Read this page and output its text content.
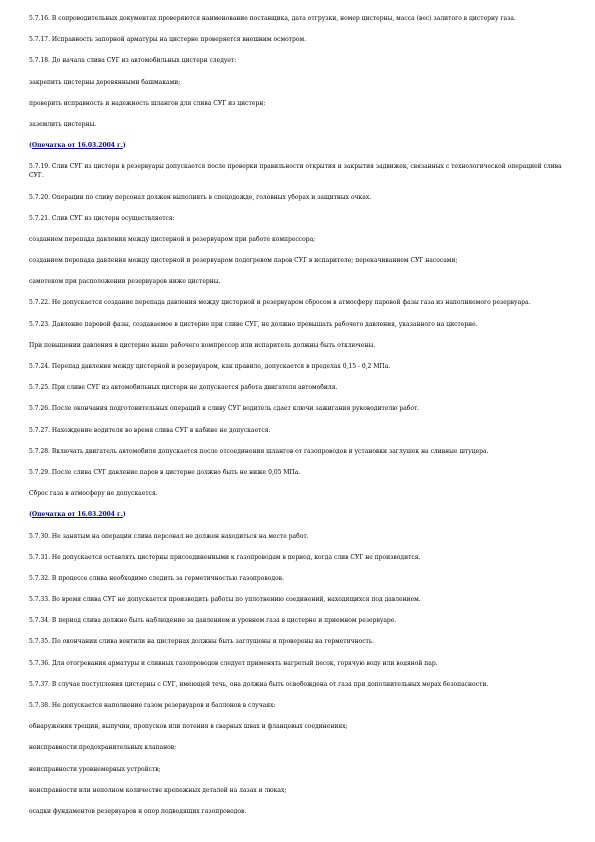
5.7.16. В сопроводительных документах проверяются наименование поставщика, дата отгрузки, номер цистерны, масса (вес) залитого в цистерну газа.

5.7.17. Исправность запорной арматуры на цистерне проверяется внешним осмотром.

5.7.18. До начала слива СУГ из автомобильных цистерн следует:

закрепить цистерны деревянными башмаками;

проверить исправность и надежность шлангов для слива СУГ из цистерн;

заземлить цистерны.

(Опечатка от 16.03.2004 г.)

5.7.19. Слив СУГ из цистерн в резервуары допускается после проверки правильности открытия и закрытия задвижек, связанных с технологической операцией слива СУГ.

5.7.20. Операции по сливу персонал должен выполнять в спецодежде, головных уборах и защитных очках.

5.7.21. Слив СУГ из цистерн осуществляется:

созданием перепада давления между цистерной и резервуаром при работе компрессора;

созданием перепада давления между цистерной и резервуаром подогревом паров СУГ в испарителе; перекачиванием СУГ насосами;

самотеком при расположении резервуаров ниже цистерны.

5.7.22. Не допускается создание перепада давления между цистерной и резервуаром сбросом в атмосферу паровой фазы газа из наполняемого резервуара.

5.7.23. Давление паровой фазы, создаваемое в цистерне при сливе СУГ, не должно превышать рабочего давления, указанного на цистерне.

При повышении давления в цистерне выше рабочего компрессор или испаритель должны быть отключены.

5.7.24. Перепад давления между цистерной и резервуаром, как правило, допускается в пределах 0,15 - 0,2 МПа.

5.7.25. При сливе СУГ из автомобильных цистерн не допускается работа двигателя автомобиля.

5.7.26. После окончания подготовительных операций к сливу СУГ водитель сдает ключи зажигания руководителю работ.

5.7.27. Нахождение водителя во время слива СУГ в кабине не допускается.

5.7.28. Включать двигатель автомобиля допускается после отсоединения шлангов от газопроводов и установки заглушек на сливные штуцера.

5.7.29. После слива СУГ давление паров в цистерне должно быть не ниже 0,05 МПа.

Сброс газа в атмосферу не допускается.

(Опечатка от 16.03.2004 г.)

5.7.30. Не занятым на операции слива персонал не должен находиться на месте работ.

5.7.31. Не допускается оставлять цистерны присоединенными к газопроводам в период, когда слив СУГ не производится.

5.7.32. В процессе слива необходимо следить за герметичностью газопроводов.

5.7.33. Во время слива СУГ не допускается производить работы по уплотнению соединений, находящихся под давлением.

5.7.34. В период слива должно быть наблюдение за давлением и уровнем газа в цистерне и приемном резервуаре.

5.7.35. По окончании слива вентили на цистернах должны быть заглушены и проверены на герметичность.

5.7.36. Для отогревания арматуры и сливных газопроводов следует применять нагретый песок, горячую воду или водяной пар.

5.7.37. В случае поступления цистерны с СУГ, имеющей течь, она должна быть освобождена от газа при дополнительных мерах безопасности.

5.7.38. Не допускается наполнение газом резервуаров и баллонов в случаях:

обнаружения трещин, выпучин, пропусков или потения в сварных швах и фланцевых соединениях;

неисправности предохранительных клапанов;

неисправности уровнемерных устройств;

неисправности или неполном количестве крепежных деталей на лазах и люках;

осадки фундаментов резервуаров и опор подводящих газопроводов.
